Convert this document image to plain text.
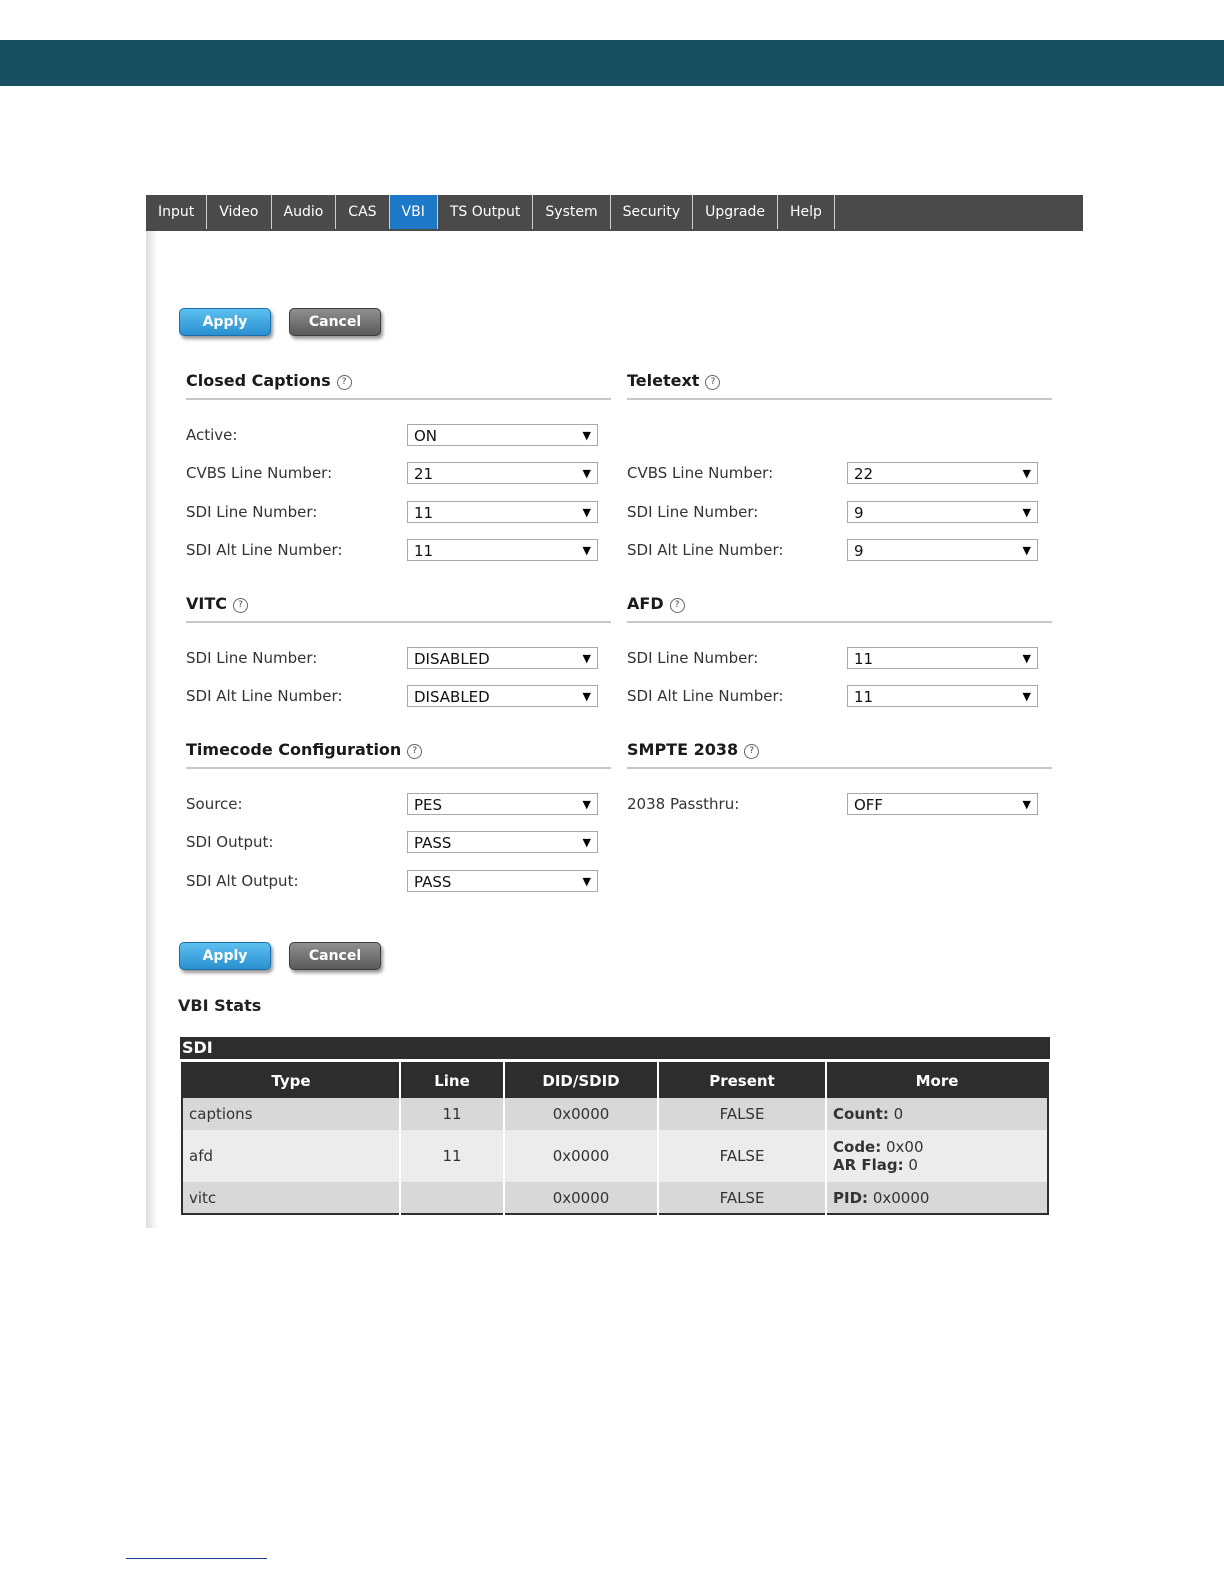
Input	Video	Audio	CAS	VBI	TS Output	System	Security	Upgrade	Help
Apply	Cancel
Closed Captions ?
Active:	ON	▼
CVBS Line Number:	21	▼
SDI Line Number:	11	▼
SDI Alt Line Number:	11	▼
Teletext ?
CVBS Line Number:	22	▼
SDI Line Number:	9	▼
SDI Alt Line Number:	9	▼
VITC ?
SDI Line Number:	DISABLED	▼
SDI Alt Line Number:	DISABLED	▼
AFD ?
SDI Line Number:	11	▼
SDI Alt Line Number:	11	▼
Timecode Configuration ?
Source:	PES	▼
SDI Output:	PASS	▼
SDI Alt Output:	PASS	▼
SMPTE 2038 ?
2038 Passthru:	OFF	▼
Apply	Cancel
VBI Stats
SDI
Type	Line	DID/SDID	Present	More
captions	11	0x0000	FALSE	Count: 0
afd	11	0x0000	FALSE	Code: 0x00
AR Flag: 0
vitc		0x0000	FALSE	PID: 0x0000
